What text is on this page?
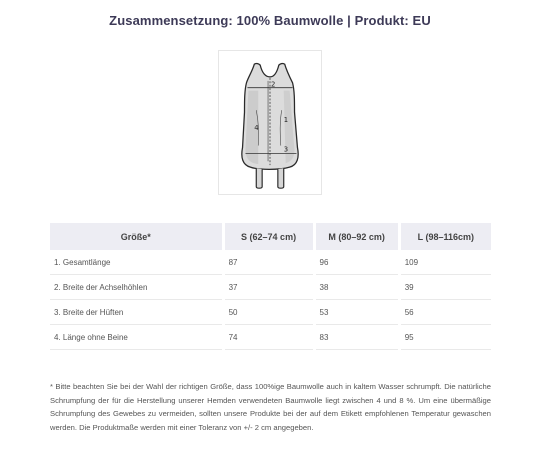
Zusammensetzung: 100% Baumwolle | Produkt: EU
4
2
1
3
Größe*	S (62–74 cm)	M (80–92 cm)	L (98–116cm)
1. Gesamtlänge	87	96	109
2. Breite der Achselhöhlen	37	38	39
3. Breite der Hüften	50	53	56
4. Länge ohne Beine	74	83	95
* Bitte beachten Sie bei der Wahl der richtigen Größe, dass 100%ige Baumwolle auch in kaltem Wasser schrumpft. Die natürliche Schrumpfung der für die Herstellung unserer Hemden verwendeten Baumwolle liegt zwischen 4 und 8 %. Um eine übermäßige Schrumpfung des Gewebes zu vermeiden, sollten unsere Produkte bei der auf dem Etikett empfohlenen Temperatur gewaschen werden. Die Produktmaße werden mit einer Toleranz von +/- 2 cm angegeben.
